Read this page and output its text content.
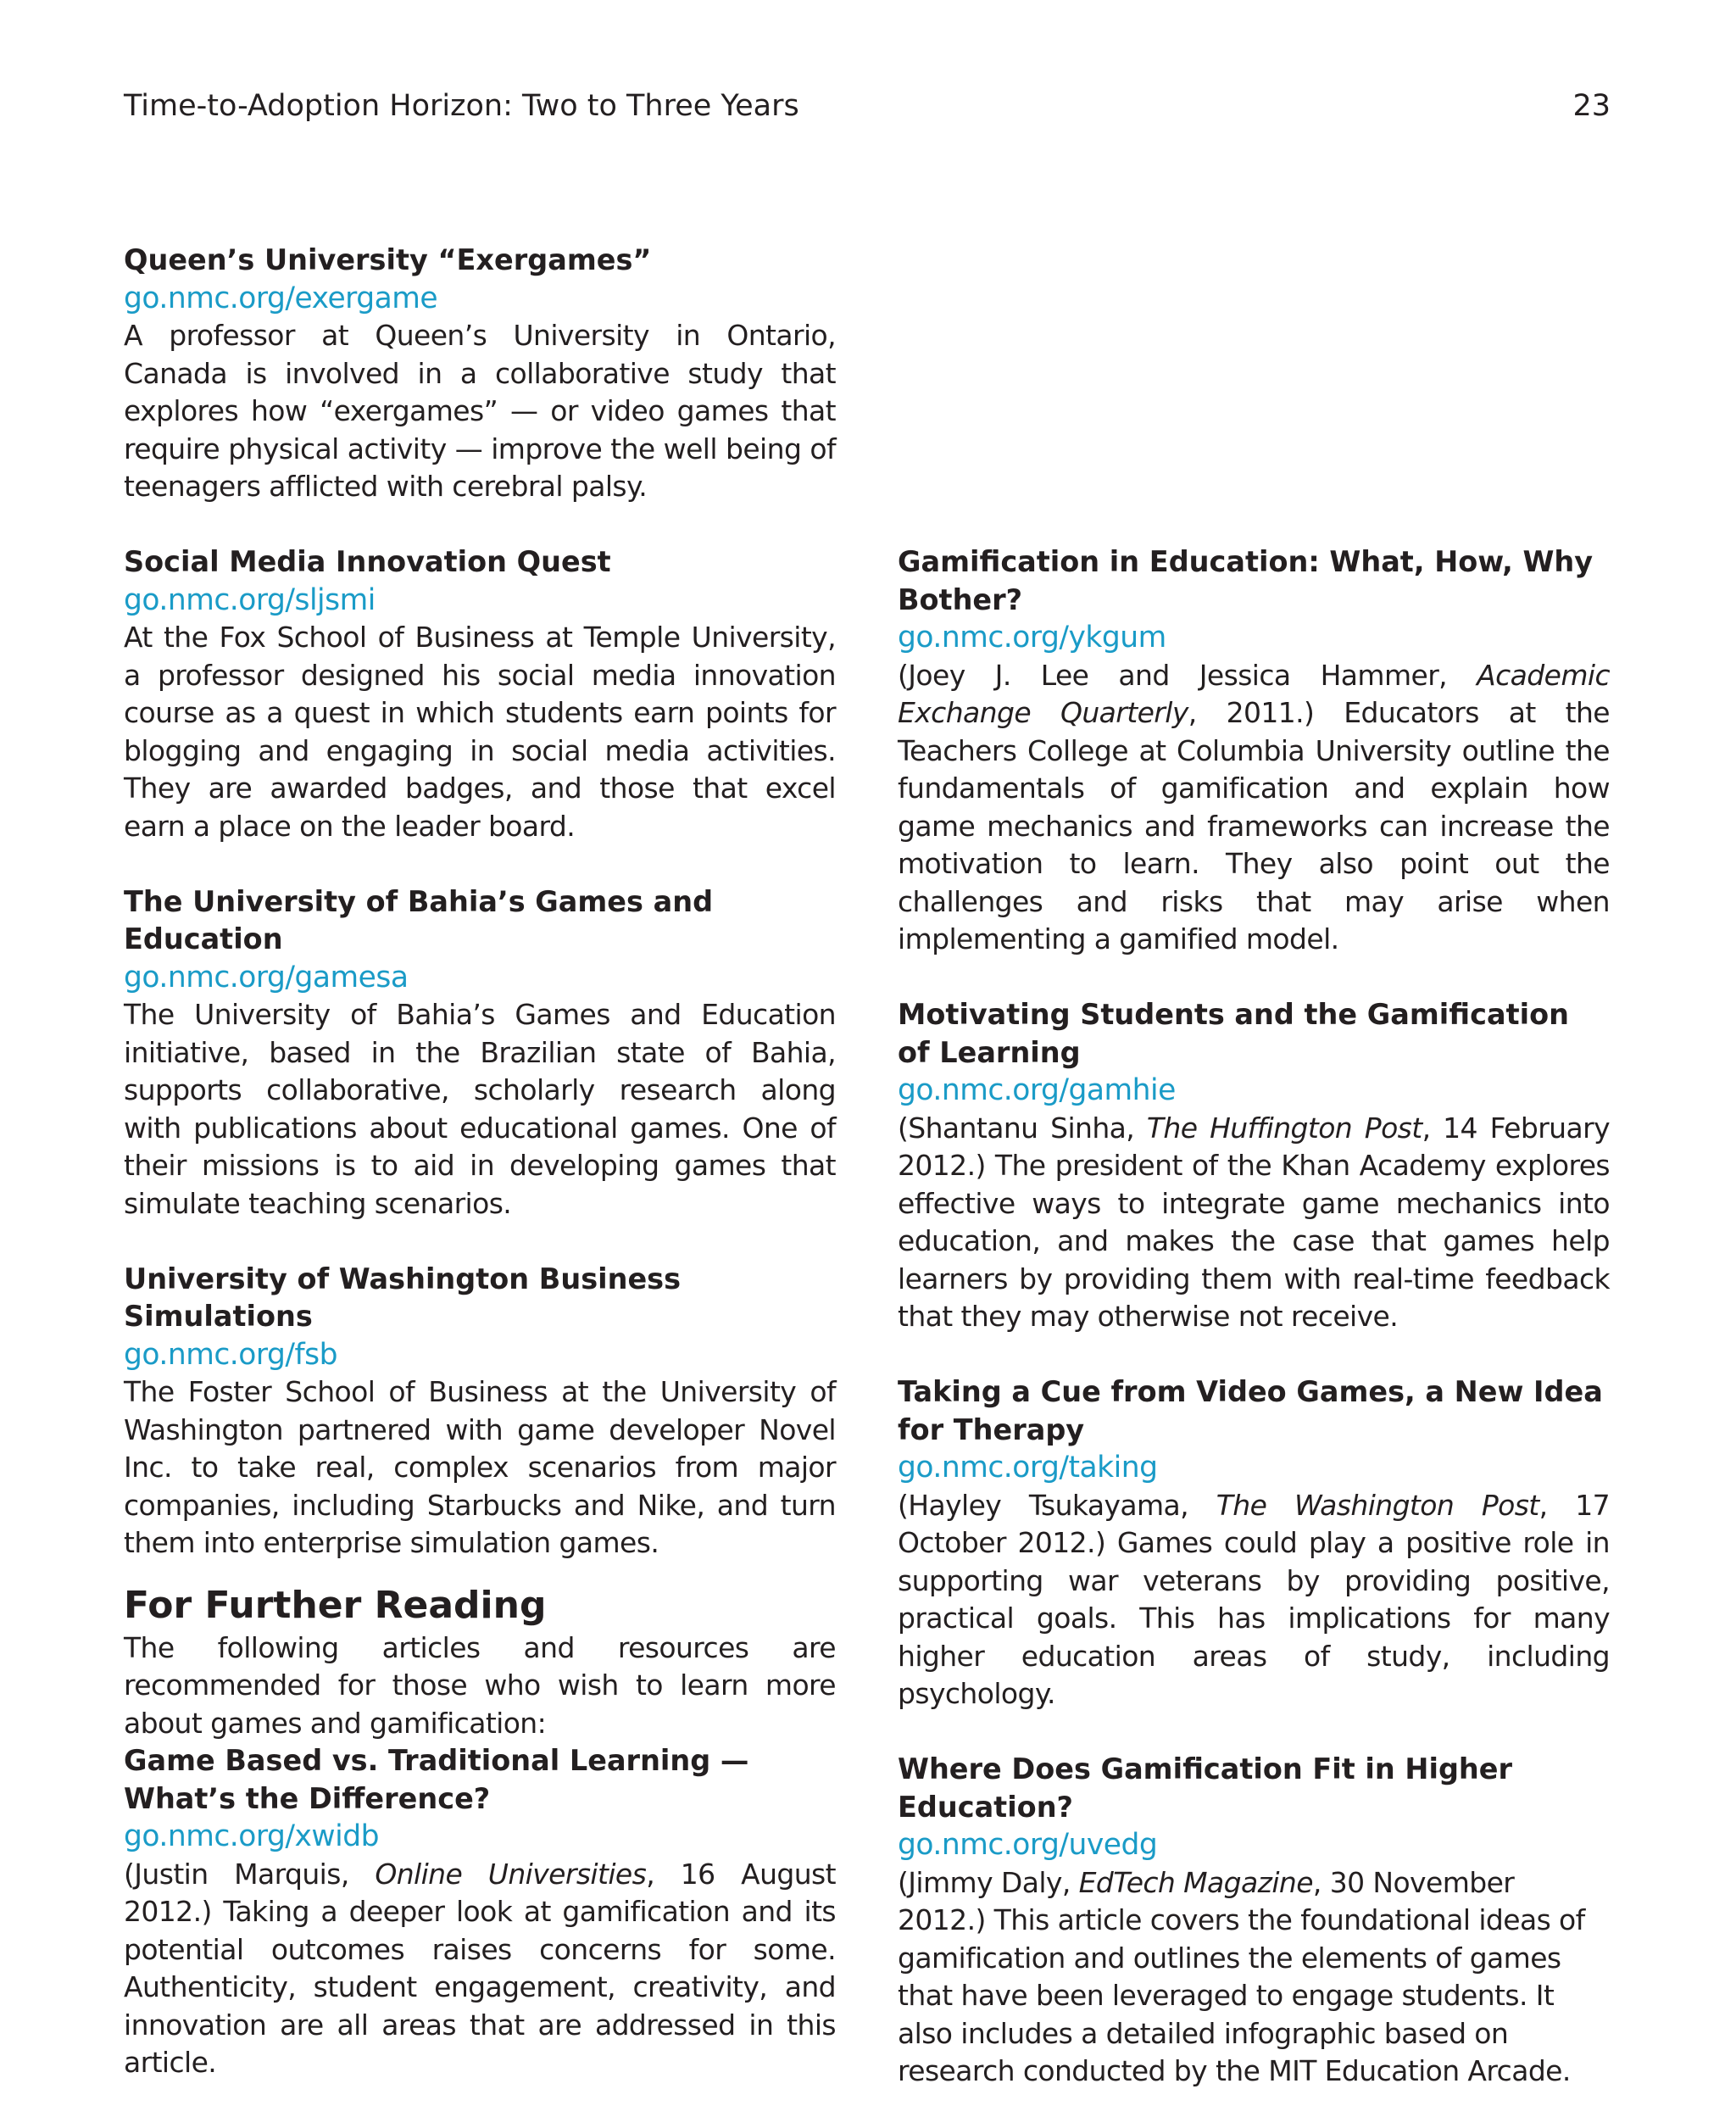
Time-to-Adoption Horizon: Two to Three Years	23
Queen’s University “Exergames”
go.nmc.org/exergame

A professor at Queen’s University in Ontario, Canada is involved in a collaborative study that explores how “exergames” — or video games that require physical activity — improve the well being of teenagers afflicted with cerebral palsy.

Social Media Innovation Quest
go.nmc.org/sljsmi

At the Fox School of Business at Temple University, a professor designed his social media innovation course as a quest in which students earn points for blogging and engaging in social media activities. They are awarded badges, and those that excel earn a place on the leader board.

The University of Bahia’s Games and Education
go.nmc.org/gamesa

The University of Bahia’s Games and Education initiative, based in the Brazilian state of Bahia, supports collaborative, scholarly research along with publications about educational games. One of their missions is to aid in developing games that simulate teaching scenarios.

University of Washington Business Simulations
go.nmc.org/fsb

The Foster School of Business at the University of Washington partnered with game developer Novel Inc. to take real, complex scenarios from major companies, including Starbucks and Nike, and turn them into enterprise simulation games.

For Further Reading

The following articles and resources are recommended for those who wish to learn more about games and gamification:

Game Based vs. Traditional Learning — What’s the Difference?
go.nmc.org/xwidb

(Justin Marquis, Online Universities, 16 August 2012.) Taking a deeper look at gamification and its potential outcomes raises concerns for some. Authenticity, student engagement, creativity, and innovation are all areas that are addressed in this article.

Gamification in Education: What, How, Why Bother?
go.nmc.org/ykgum

(Joey J. Lee and Jessica Hammer, Academic Exchange Quarterly, 2011.) Educators at the Teachers College at Columbia University outline the fundamentals of gamification and explain how game mechanics and frameworks can increase the motivation to learn. They also point out the challenges and risks that may arise when implementing a gamified model.

Motivating Students and the Gamification of Learning
go.nmc.org/gamhie

(Shantanu Sinha, The Huffington Post, 14 February 2012.) The president of the Khan Academy explores effective ways to integrate game mechanics into education, and makes the case that games help learners by providing them with real-time feedback that they may otherwise not receive.

Taking a Cue from Video Games, a New Idea for Therapy
go.nmc.org/taking

(Hayley Tsukayama, The Washington Post, 17 October 2012.) Games could play a positive role in supporting war veterans by providing positive, practical goals. This has implications for many higher education areas of study, including psychology.

Where Does Gamification Fit in Higher Education?
go.nmc.org/uvedg

(Jimmy Daly, EdTech Magazine, 30 November 2012.) This article covers the foundational ideas of gamification and outlines the elements of games that have been leveraged to engage students. It also includes a detailed infographic based on research conducted by the MIT Education Arcade.
